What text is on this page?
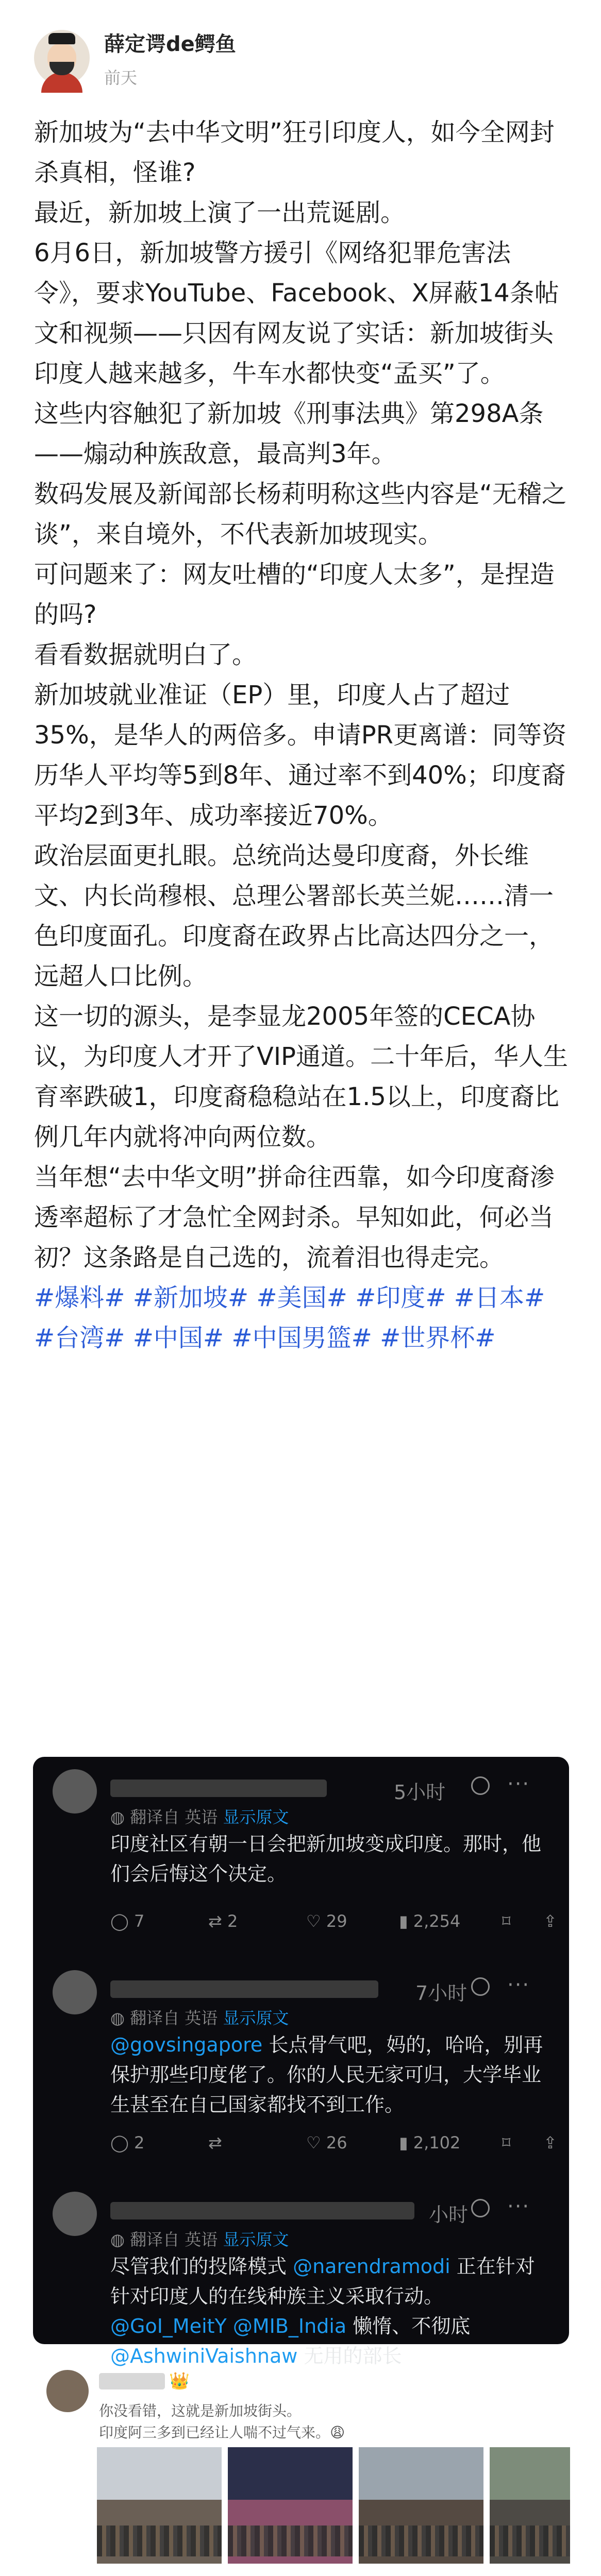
薛定谔de鳄鱼
前天

新加坡为“去中华文明”狂引印度人，如今全网封杀真相，怪谁?

最近，新加坡上演了一出荒诞剧。

6月6日，新加坡警方援引《网络犯罪危害法令》，要求YouTube、Facebook、X屏蔽14条帖文和视频——只因有网友说了实话：新加坡街头印度人越来越多，牛车水都快变“孟买”了。

这些内容触犯了新加坡《刑事法典》第298A条——煽动种族敌意，最高判3年。

数码发展及新闻部长杨莉明称这些内容是“无稽之谈”，来自境外，不代表新加坡现实。

可问题来了：网友吐槽的“印度人太多”，是捏造的吗?

看看数据就明白了。

新加坡就业准证（EP）里，印度人占了超过35%，是华人的两倍多。申请PR更离谱：同等资历华人平均等5到8年、通过率不到40%；印度裔平均2到3年、成功率接近70%。

政治层面更扎眼。总统尚达曼印度裔，外长维文、内长尚穆根、总理公署部长英兰妮……清一色印度面孔。印度裔在政界占比高达四分之一，远超人口比例。

这一切的源头，是李显龙2005年签的CECA协议，为印度人才开了VIP通道。二十年后，华人生育率跌破1，印度裔稳稳站在1.5以上，印度裔比例几年内就将冲向两位数。

当年想“去中华文明”拼命往西靠，如今印度裔渗透率超标了才急忙全网封杀。早知如此，何必当初？这条路是自己选的，流着泪也得走完。

#爆料# #新加坡# #美国# #印度# #日本# #台湾# #中国# #中国男篮# #世界杯#

5小时	···
◍ 翻译自 英语 显示原文
印度社区有朝一日会把新加坡变成印度。那时，他们会后悔这个决定。
◯ 7	⇄ 2	♡ 29	▮ 2,254	⌑ ⇪
7小时 ···
◍ 翻译自 英语 显示原文
@govsingapore 长点骨气吧，妈的，哈哈，别再保护那些印度佬了。你的人民无家可归，大学毕业生甚至在自己国家都找不到工作。
◯ 2	⇄	♡ 26	▮ 2,102	⌑ ⇪
小时 ···
◍ 翻译自 英语 显示原文
尽管我们的投降模式 @narendramodi 正在针对针对印度人的在线种族主义采取行动。
@GoI_MeitY @MIB_India 懒惰、不彻底
@AshwiniVaishnaw 无用的部长
👑
你没看错，这就是新加坡街头。
印度阿三多到已经让人喘不过气来。😩
